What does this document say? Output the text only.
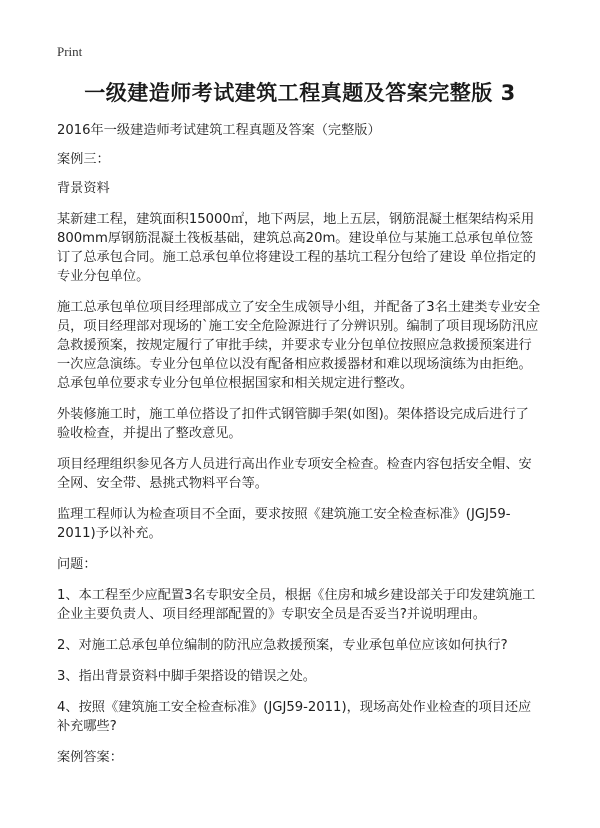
Print
一级建造师考试建筑工程真题及答案完整版 3

2016年一级建造师考试建筑工程真题及答案（完整版）

案例三：

背景资料

某新建工程，建筑面积15000㎡，地下两层，地上五层，钢筋混凝土框架结构采用800mm厚钢筋混凝土筏板基础，建筑总高20m。建设单位与某施工总承包单位签订了总承包合同。施工总承包单位将建设工程的基坑工程分包给了建设 单位指定的专业分包单位。

施工总承包单位项目经理部成立了安全生成领导小组，并配备了3名土建类专业安全员，项目经理部对现场的`施工安全危险源进行了分辨识别。编制了项目现场防汛应急救援预案，按规定履行了审批手续，并要求专业分包单位按照应急救援预案进行一次应急演练。专业分包单位以没有配备相应救援器材和难以现场演练为由拒绝。总承包单位要求专业分包单位根据国家和相关规定进行整改。

外装修施工时，施工单位搭设了扣件式钢管脚手架(如图)。架体搭设完成后进行了验收检查，并提出了整改意见。

项目经理组织参见各方人员进行高出作业专项安全检查。检查内容包括安全帽、安全网、安全带、悬挑式物料平台等。

监理工程师认为检查项目不全面，要求按照《建筑施工安全检查标准》(JGJ59-2011)予以补充。

问题：

1、本工程至少应配置3名专职安全员，根据《住房和城乡建设部关于印发建筑施工企业主要负责人、项目经理部配置的》专职安全员是否妥当?并说明理由。

2、对施工总承包单位编制的防汛应急救援预案，专业承包单位应该如何执行?

3、指出背景资料中脚手架搭设的错误之处。

4、按照《建筑施工安全检查标准》(JGJ59-2011)，现场高处作业检查的项目还应补充哪些?

案例答案：
